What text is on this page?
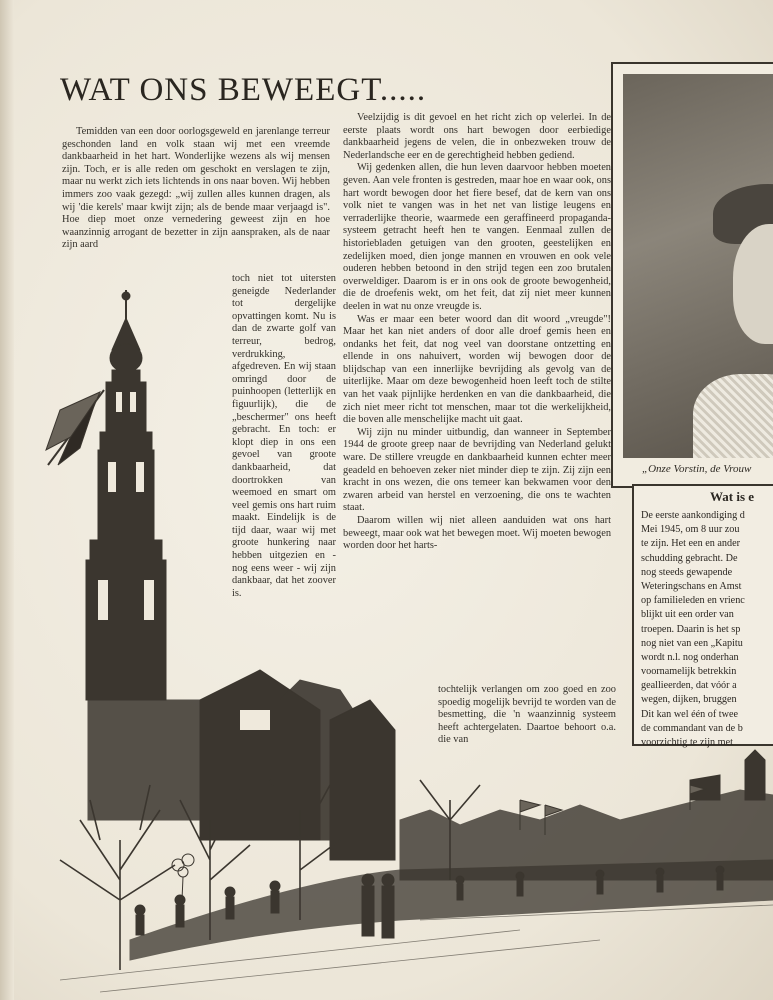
WAT ONS BEWEEGT.....

Temidden van een door oorlogsgeweld en jarenlange terreur geschonden land en volk staan wij met een vreemde dankbaarheid in het hart. Wonderlijke wezens als wij mensen zijn. Toch, er is alle reden om geschokt en verslagen te zijn, maar nu werkt zich iets lichtends in ons naar boven. Wij hebben immers zoo vaak gezegd: „wij zullen alles kunnen dragen, als wij 'die kerels' maar kwijt zijn; als de bende maar verjaagd is". Hoe diep moet onze vernedering geweest zijn en hoe waanzinnig arrogant de bezetter in zijn aanspraken, als de naar zijn aard

toch niet tot uitersten geneigde Nederlander tot dergelijke opvattingen komt. Nu is dan de zwarte golf van terreur, bedrog, verdrukking, afgedreven. En wij staan omringd door de puinhoopen (letterlijk en figuurlijk), die de „beschermer" ons heeft gebracht. En toch: er klopt diep in ons een gevoel van groote dankbaarheid, dat doortrokken van weemoed en smart om veel gemis ons hart ruim maakt. Eindelijk is de tijd daar, waar wij met groote hunkering naar hebben uitgezien en - nog eens weer - wij zijn dankbaar, dat het zoover is.

Veelzijdig is dit gevoel en het richt zich op velerlei. In de eerste plaats wordt ons hart bewogen door eerbiedige dankbaarheid jegens de velen, die in onbezweken trouw de Nederlandsche eer en de gerechtigheid hebben gediend.

Wij gedenken allen, die hun leven daarvoor hebben moeten geven. Aan vele fronten is gestreden, maar hoe en waar ook, ons hart wordt bewogen door het fiere besef, dat de kern van ons volk niet te vangen was in het net van listige leugens en verraderlijke theorie, waarmede een geraffineerd propaganda-systeem getracht heeft hen te vangen. Eenmaal zullen de historiebladen getuigen van den grooten, geestelijken en zedelijken moed, dien jonge mannen en vrouwen en ook vele ouderen hebben betoond in den strijd tegen een zoo brutalen overweldiger. Daarom is er in ons ook de groote bewogenheid, die de droefenis wekt, om het feit, dat zij niet meer kunnen deelen in wat nu onze vreugde is.

Was er maar een beter woord dan dit woord „vreugde"! Maar het kan niet anders of door alle droef gemis heen en ondanks het feit, dat nog veel van doorstane ontzetting en ellende in ons nahuivert, worden wij bewogen door de blijdschap van een innerlijke bevrijding als gevolg van de uiterlijke. Maar om deze bewogenheid hoen leeft toch de stilte van het vaak pijnlijke herdenken en van die dankbaarheid, die zich niet meer richt tot menschen, maar tot die werkelijkheid, die boven alle menschelijke macht uit gaat.

Wij zijn nu minder uitbundig, dan wanneer in September 1944 de groote greep naar de bevrijding van Nederland gelukt ware. De stillere vreugde en dankbaarheid kunnen echter meer geadeld en behoeven zeker niet minder diep te zijn. Zij zijn een kracht in ons wezen, die ons temeer kan bekwamen voor den zwaren arbeid van herstel en verzoening, die ons te wachten staat.

Daarom willen wij niet alleen aanduiden wat ons hart beweegt, maar ook wat het bewegen moet. Wij moeten bewogen worden door het harts-

tochtelijk verlangen om zoo goed en zoo spoedig mogelijk bevrijd te worden van de besmetting, die 'n waanzinnig systeem heeft achtergelaten. Daartoe behoort o.a. die van

„Onze Vorstin, de Vrouw
Wat is e
De eerste aankondiging d
Mei 1945, om 8 uur zou
te zijn. Het een en ander
schudding gebracht. De
nog steeds gewapende
Weteringschans en Amst
op familieleden en vrienc
blijkt uit een order van
troepen. Daarin is het sp
nog niet van een „Kapitu
wordt n.l. nog onderhan
voornamelijk betrekkin
geallieerden, dat vóór a
wegen, dijken, bruggen
Dit kan wel één of twee
de commandant van de b
voorzichtig te zijn met
